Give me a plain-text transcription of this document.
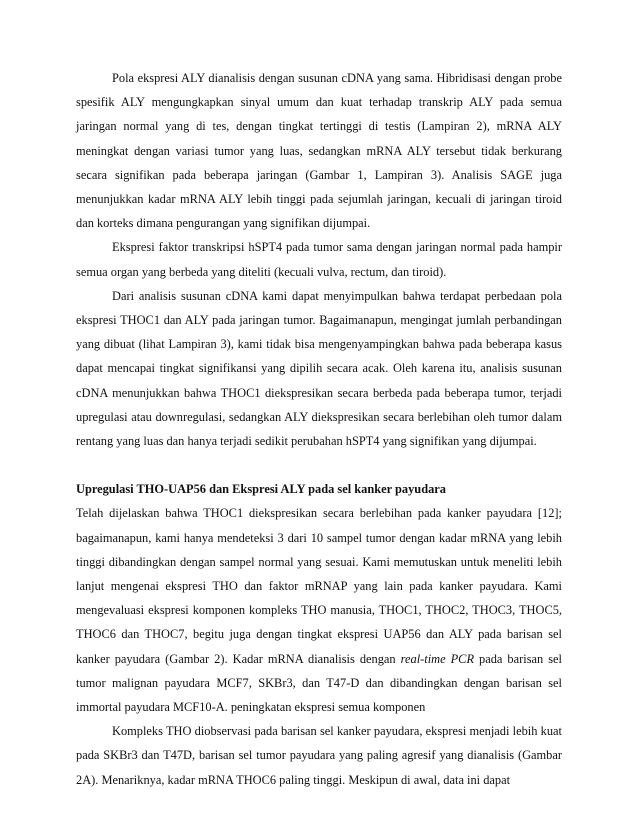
Pola ekspresi ALY dianalisis dengan susunan cDNA yang sama. Hibridisasi dengan probe spesifik ALY mengungkapkan sinyal umum dan kuat terhadap transkrip ALY pada semua jaringan normal yang di tes, dengan tingkat tertinggi di testis (Lampiran 2), mRNA ALY meningkat dengan variasi tumor yang luas, sedangkan mRNA ALY tersebut tidak berkurang secara signifikan pada beberapa jaringan (Gambar 1, Lampiran 3). Analisis SAGE juga menunjukkan kadar mRNA ALY lebih tinggi pada sejumlah jaringan, kecuali di jaringan tiroid dan korteks dimana pengurangan yang signifikan dijumpai.

Ekspresi faktor transkripsi hSPT4 pada tumor sama dengan jaringan normal pada hampir semua organ yang berbeda yang diteliti (kecuali vulva, rectum, dan tiroid).

Dari analisis susunan cDNA kami dapat menyimpulkan bahwa terdapat perbedaan pola ekspresi THOC1 dan ALY pada jaringan tumor. Bagaimanapun, mengingat jumlah perbandingan yang dibuat (lihat Lampiran 3), kami tidak bisa mengenyampingkan bahwa pada beberapa kasus dapat mencapai tingkat signifikansi yang dipilih secara acak. Oleh karena itu, analisis susunan cDNA menunjukkan bahwa THOC1 diekspresikan secara berbeda pada beberapa tumor, terjadi upregulasi atau downregulasi, sedangkan ALY diekspresikan secara berlebihan oleh tumor dalam rentang yang luas dan hanya terjadi sedikit perubahan hSPT4 yang signifikan yang dijumpai.

Upregulasi THO-UAP56 dan Ekspresi ALY pada sel kanker payudara

Telah dijelaskan bahwa THOC1 diekspresikan secara berlebihan pada kanker payudara [12]; bagaimanapun, kami hanya mendeteksi 3 dari 10 sampel tumor dengan kadar mRNA yang lebih tinggi dibandingkan dengan sampel normal yang sesuai. Kami memutuskan untuk meneliti lebih lanjut mengenai ekspresi THO dan faktor mRNAP yang lain pada kanker payudara. Kami mengevaluasi ekspresi komponen kompleks THO manusia, THOC1, THOC2, THOC3, THOC5, THOC6 dan THOC7, begitu juga dengan tingkat ekspresi UAP56 dan ALY pada barisan sel kanker payudara (Gambar 2). Kadar mRNA dianalisis dengan real-time PCR pada barisan sel tumor malignan payudara MCF7, SKBr3, dan T47-D dan dibandingkan dengan barisan sel immortal payudara MCF10-A. peningkatan ekspresi semua komponen

Kompleks THO diobservasi pada barisan sel kanker payudara, ekspresi menjadi lebih kuat pada SKBr3 dan T47D, barisan sel tumor payudara yang paling agresif yang dianalisis (Gambar 2A). Menariknya, kadar mRNA THOC6 paling tinggi. Meskipun di awal, data ini dapat
